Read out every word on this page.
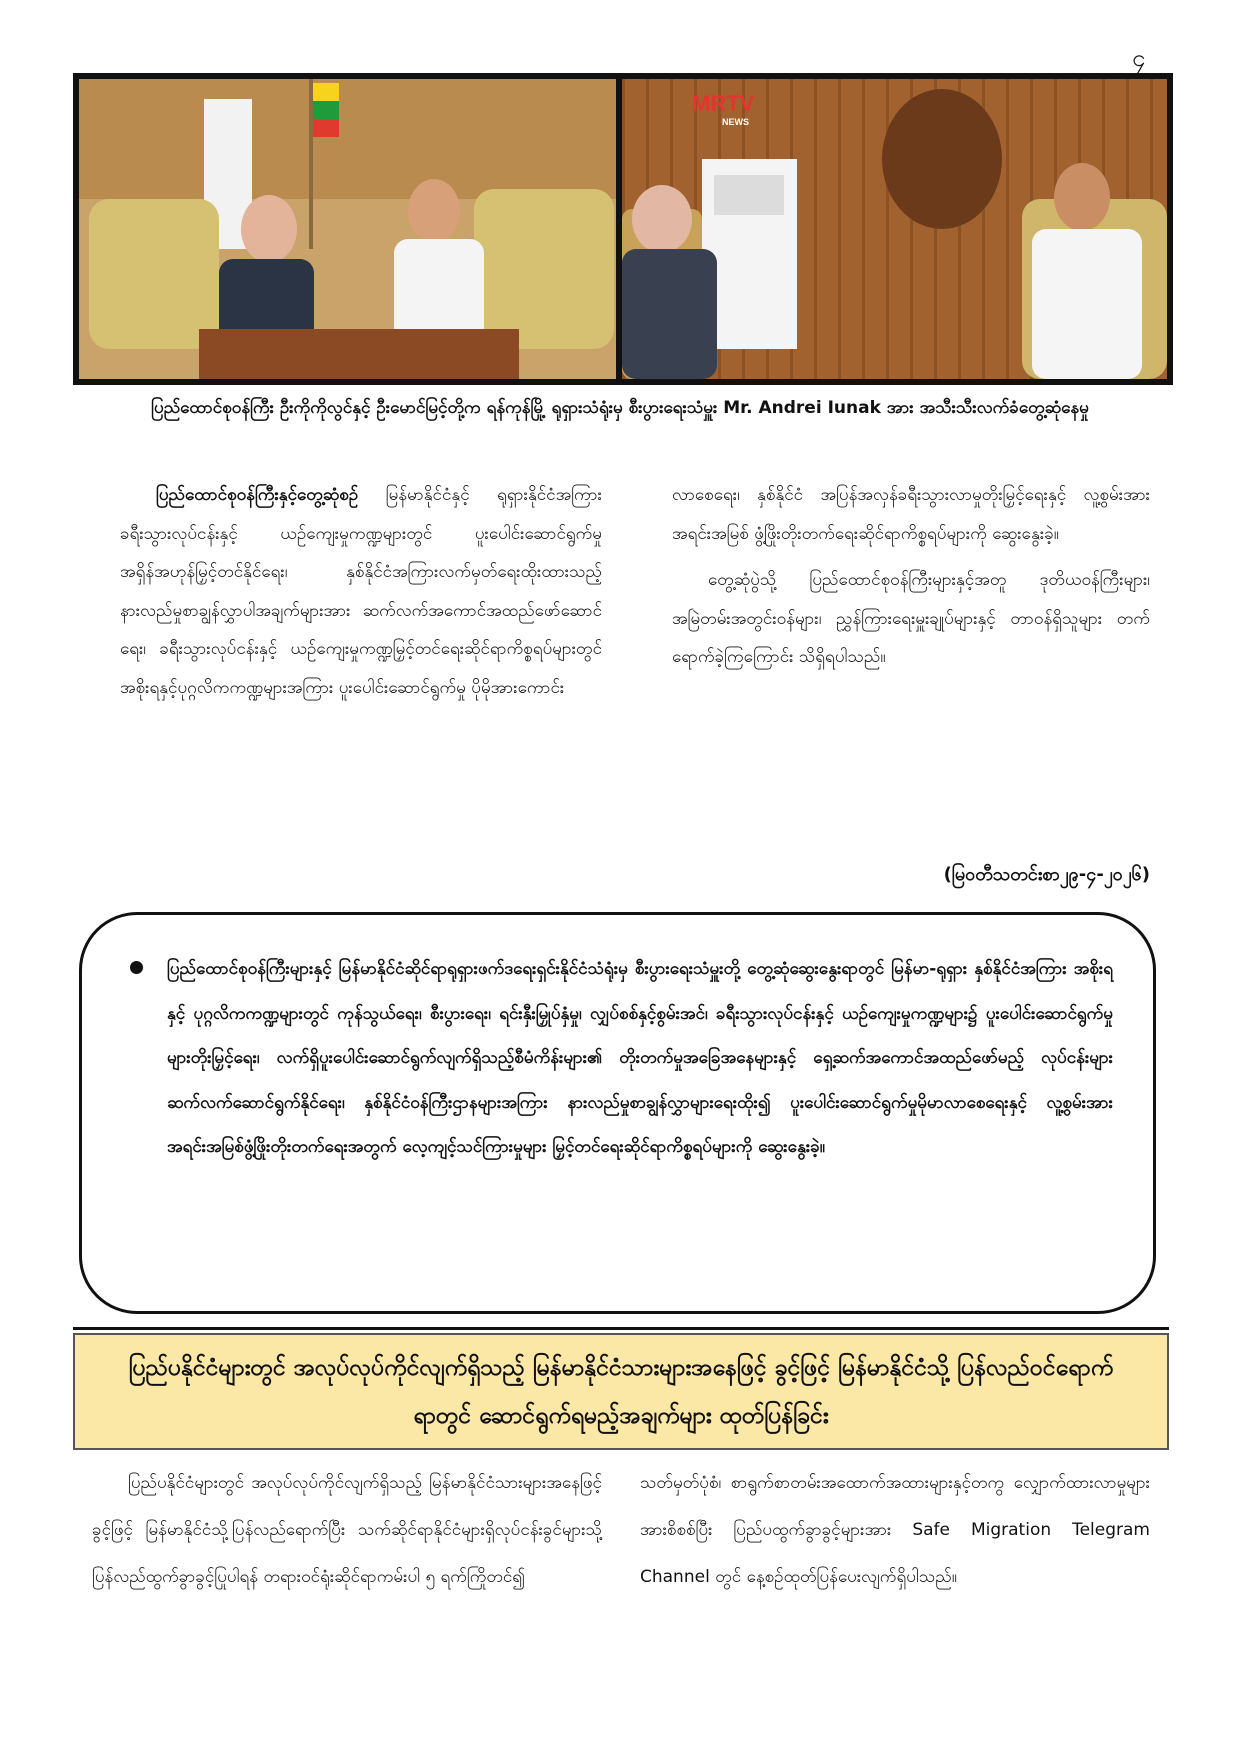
၄
MRTV
NEWS
ပြည်ထောင်စုဝန်ကြီး ဦးကိုကိုလွင်နှင့် ဦးမောင်မြင့်တို့က ရန်ကုန်မြို့ ရုရှားသံရုံးမှ စီးပွားရေးသံမှူး Mr. Andrei Iunak အား အသီးသီးလက်ခံတွေ့ဆုံနေမှု

ပြည်ထောင်စုဝန်ကြီးနှင့်တွေ့ဆုံစဉ် မြန်မာနိုင်ငံနှင့် ရုရှားနိုင်ငံအကြား ခရီးသွားလုပ်ငန်းနှင့် ယဉ်ကျေးမှုကဏ္ဍများတွင် ပူးပေါင်းဆောင်ရွက်မှု အရှိန်အဟုန်မြှင့်တင်နိုင်ရေး၊ နှစ်နိုင်ငံအကြားလက်မှတ်ရေးထိုးထားသည့် နားလည်မှုစာချွန်လွှာပါအချက်များအား ဆက်လက်အကောင်အထည်ဖော်ဆောင်ရေး၊ ခရီးသွားလုပ်ငန်းနှင့် ယဉ်ကျေးမှုကဏ္ဍမြှင့်တင်ရေးဆိုင်ရာကိစ္စရပ်များတွင် အစိုးရနှင့်ပုဂ္ဂလိကကဏ္ဍများအကြား ပူးပေါင်းဆောင်ရွက်မှု ပိုမိုအားကောင်း

လာစေရေး၊ နှစ်နိုင်ငံ အပြန်အလှန်ခရီးသွားလာမှုတိုးမြှင့်ရေးနှင့် လူ့စွမ်းအားအရင်းအမြစ် ဖွံ့ဖြိုးတိုးတက်ရေးဆိုင်ရာကိစ္စရပ်များကို ဆွေးနွေးခဲ့။

တွေ့ဆုံပွဲသို့ ပြည်ထောင်စုဝန်ကြီးများနှင့်အတူ ဒုတိယဝန်ကြီးများ၊ အမြဲတမ်းအတွင်းဝန်များ၊ ညွှန်ကြားရေးမှူးချုပ်များနှင့် တာဝန်ရှိသူများ တက်ရောက်ခဲ့ကြကြောင်း သိရှိရပါသည်။

(မြဝတီသတင်းစာ၂၉-၄-၂၀၂၆)
ပြည်ထောင်စုဝန်ကြီးများနှင့် မြန်မာနိုင်ငံဆိုင်ရာရုရှားဖက်ဒရေးရှင်းနိုင်ငံသံရုံးမှ စီးပွားရေးသံမှူးတို့ တွေ့ဆုံဆွေးနွေးရာတွင် မြန်မာ-ရုရှား နှစ်နိုင်ငံအကြား အစိုးရနှင့် ပုဂ္ဂလိကကဏ္ဍများတွင် ကုန်သွယ်ရေး၊ စီးပွားရေး၊ ရင်းနှီးမြှုပ်နှံမှု၊ လျှပ်စစ်နှင့်စွမ်းအင်၊ ခရီးသွားလုပ်ငန်းနှင့် ယဉ်ကျေးမှုကဏ္ဍများ၌ ပူးပေါင်းဆောင်ရွက်မှုများတိုးမြှင့်ရေး၊ လက်ရှိပူးပေါင်းဆောင်ရွက်လျက်ရှိသည့်စီမံကိန်းများ၏ တိုးတက်မှုအခြေအနေများနှင့် ရှေ့ဆက်အကောင်အထည်ဖော်မည့် လုပ်ငန်းများ ဆက်လက်ဆောင်ရွက်နိုင်ရေး၊ နှစ်နိုင်ငံဝန်ကြီးဌာနများအကြား နားလည်မှုစာချွန်လွှာများရေးထိုး၍ ပူးပေါင်းဆောင်ရွက်မှုမိုမာလာစေရေးနှင့် လူ့စွမ်းအားအရင်းအမြစ်ဖွံ့ဖြိုးတိုးတက်ရေးအတွက် လေ့ကျင့်သင်ကြားမှုများ မြှင့်တင်ရေးဆိုင်ရာကိစ္စရပ်များကို ဆွေးနွေးခဲ့။
ပြည်ပနိုင်ငံများတွင် အလုပ်လုပ်ကိုင်လျက်ရှိသည့် မြန်မာနိုင်ငံသားများအနေဖြင့် ခွင့်ဖြင့် မြန်မာနိုင်ငံသို့ ပြန်လည်ဝင်ရောက်ရာတွင် ဆောင်ရွက်ရမည့်အချက်များ ထုတ်ပြန်ခြင်း

ပြည်ပနိုင်ငံများတွင် အလုပ်လုပ်ကိုင်လျက်ရှိသည့် မြန်မာနိုင်ငံသားများအနေဖြင့် ခွင့်ဖြင့် မြန်မာနိုင်ငံသို့ပြန်လည်ရောက်ပြီး သက်ဆိုင်ရာနိုင်ငံများရှိလုပ်ငန်းခွင်များသို့ ပြန်လည်ထွက်ခွာခွင့်ပြုပါရန် တရားဝင်ရုံးဆိုင်ရာကမ်းပါ ၅ ရက်ကြိုတင်၍

သတ်မှတ်ပုံစံ၊ စာရွက်စာတမ်းအထောက်အထားများနှင့်တကွ လျှောက်ထားလာမှုများအားစိစစ်ပြီး ပြည်ပထွက်ခွာခွင့်များအား Safe Migration Telegram Channel တွင် နေ့စဉ်ထုတ်ပြန်ပေးလျက်ရှိပါသည်။
